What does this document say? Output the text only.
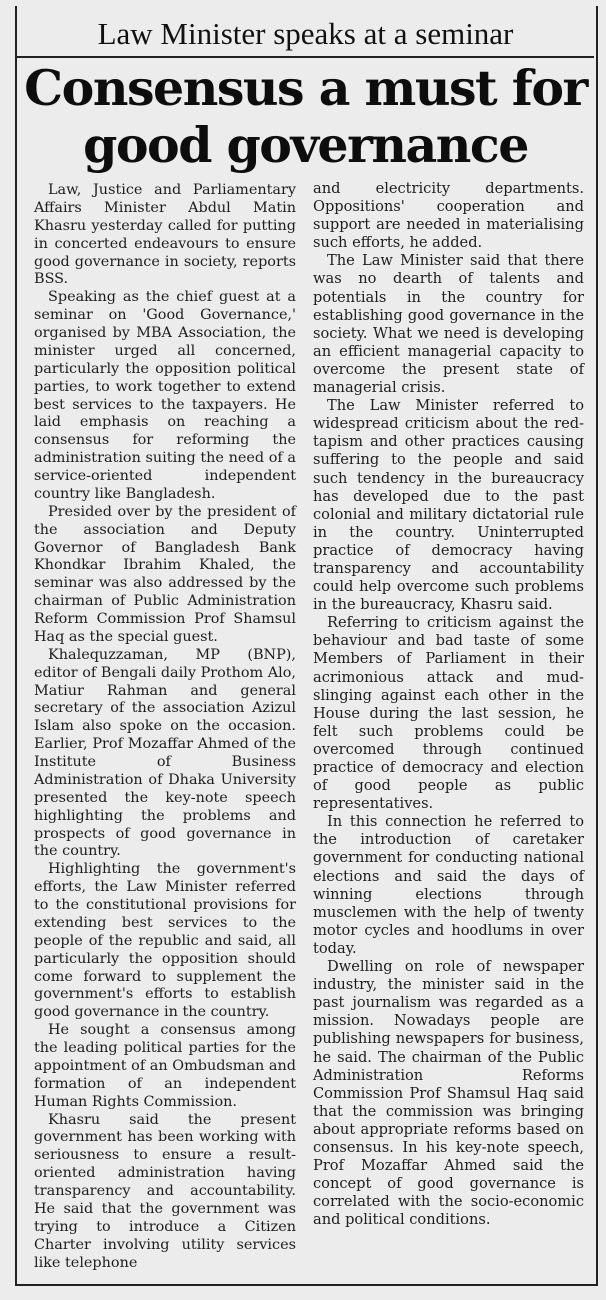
Law Minister speaks at a seminar
Consensus a must for
good governance

Law, Justice and Parliamentary Affairs Minister Abdul Matin Khasru yesterday called for putting in concerted endeavours to ensure good governance in society, reports BSS.

Speaking as the chief guest at a seminar on 'Good Governance,' organised by MBA Association, the minister urged all concerned, particularly the opposition political parties, to work together to extend best services to the taxpayers. He laid emphasis on reaching a consensus for reforming the administration suiting the need of a service-oriented independent country like Bangladesh.

Presided over by the president of the association and Deputy Governor of Bangladesh Bank Khondkar Ibrahim Khaled, the seminar was also addressed by the chairman of Public Administration Reform Commission Prof Shamsul Haq as the special guest.

Khalequzzaman, MP (BNP), editor of Bengali daily Prothom Alo, Matiur Rahman and general secretary of the association Azizul Islam also spoke on the occasion. Earlier, Prof Mozaffar Ahmed of the Institute of Business Administration of Dhaka University presented the key-note speech highlighting the problems and prospects of good governance in the country.

Highlighting the government's efforts, the Law Minister referred to the constitutional provisions for extending best services to the people of the republic and said, all particularly the opposition should come forward to supplement the government's efforts to establish good governance in the country.

He sought a consensus among the leading political parties for the appointment of an Ombudsman and formation of an independent Human Rights Commission.

Khasru said the present government has been working with seriousness to ensure a result-oriented administration having transparency and accountability. He said that the government was trying to introduce a Citizen Charter involving utility services like telephone

and electricity departments. Oppositions' cooperation and support are needed in materialising such efforts, he added.

The Law Minister said that there was no dearth of talents and potentials in the country for establishing good governance in the society. What we need is developing an efficient managerial capacity to overcome the present state of managerial crisis.

The Law Minister referred to widespread criticism about the red-tapism and other practices causing suffering to the people and said such tendency in the bureaucracy has developed due to the past colonial and military dictatorial rule in the country. Uninterrupted practice of democracy having transparency and accountability could help overcome such problems in the bureaucracy, Khasru said.

Referring to criticism against the behaviour and bad taste of some Members of Parliament in their acrimonious attack and mud-slinging against each other in the House during the last session, he felt such problems could be overcomed through continued practice of democracy and election of good people as public representatives.

In this connection he referred to the introduction of caretaker government for conducting national elections and said the days of winning elections through musclemen with the help of twenty motor cycles and hoodlums in over today.

Dwelling on role of newspaper industry, the minister said in the past journalism was regarded as a mission. Nowadays people are publishing newspapers for business, he said. The chairman of the Public Administration Reforms Commission Prof Shamsul Haq said that the commission was bringing about appropriate reforms based on consensus. In his key-note speech, Prof Mozaffar Ahmed said the concept of good governance is correlated with the socio-economic and political conditions.
